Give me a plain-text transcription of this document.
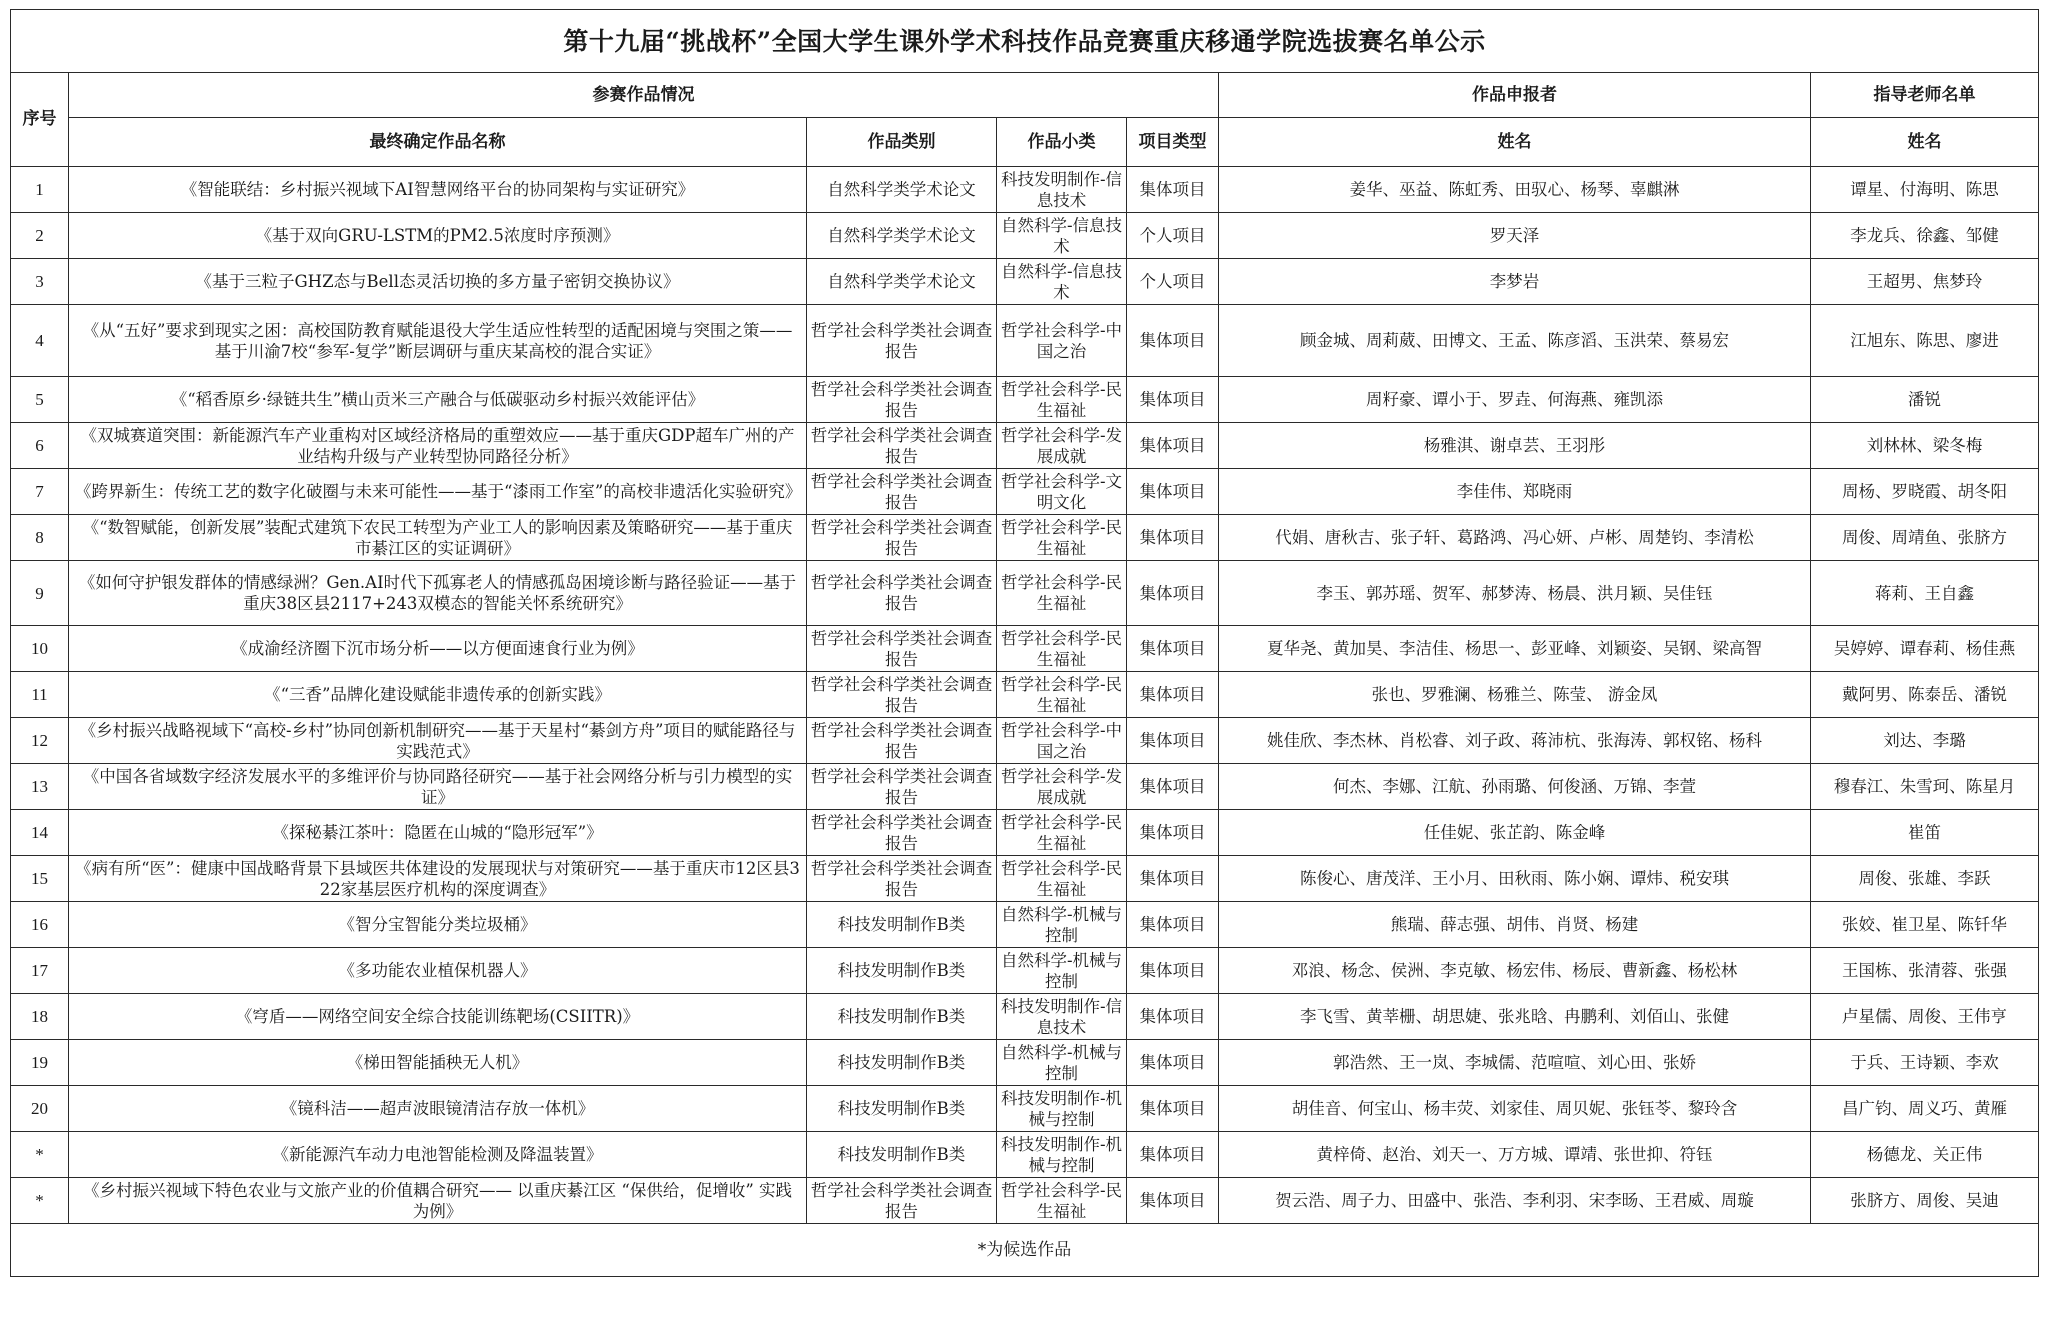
第十九届“挑战杯”全国大学生课外学术科技作品竞赛重庆移通学院选拔赛名单公示						
序号	参赛作品情况				作品申报者	指导老师名单
	最终确定作品名称	作品类别	作品小类	项目类型	姓名	姓名
1	《智能联结：乡村振兴视域下AI智慧网络平台的协同架构与实证研究》	自然科学类学术论文	科技发明制作-信息技术	集体项目	姜华、巫益、陈虹秀、田驭心、杨琴、辜麒淋	谭星、付海明、陈思
2	《基于双向GRU-LSTM的PM2.5浓度时序预测》	自然科学类学术论文	自然科学-信息技术	个人项目	罗天泽	李龙兵、徐鑫、邹健
3	《基于三粒子GHZ态与Bell态灵活切换的多方量子密钥交换协议》	自然科学类学术论文	自然科学-信息技术	个人项目	李梦岩	王超男、焦梦玲
4	《从“五好”要求到现实之困：高校国防教育赋能退役大学生适应性转型的适配困境与突围之策——基于川渝7校“参军-复学”断层调研与重庆某高校的混合实证》	哲学社会科学类社会调查报告	哲学社会科学-中国之治	集体项目	顾金城、周莉葳、田博文、王孟、陈彦滔、玉洪荣、蔡易宏	江旭东、陈思、廖进
5	《“稻香原乡·绿链共生”横山贡米三产融合与低碳驱动乡村振兴效能评估》	哲学社会科学类社会调查报告	哲学社会科学-民生福祉	集体项目	周籽豪、谭小于、罗垚、何海燕、雍凯添	潘锐
6	《双城赛道突围：新能源汽车产业重构对区域经济格局的重塑效应——基于重庆GDP超车广州的产业结构升级与产业转型协同路径分析》	哲学社会科学类社会调查报告	哲学社会科学-发展成就	集体项目	杨雅淇、谢卓芸、王羽彤	刘林林、梁冬梅
7	《跨界新生：传统工艺的数字化破圈与未来可能性——基于“漆雨工作室”的高校非遗活化实验研究》	哲学社会科学类社会调查报告	哲学社会科学-文明文化	集体项目	李佳伟、郑晓雨	周杨、罗晓霞、胡冬阳
8	《“数智赋能，创新发展”装配式建筑下农民工转型为产业工人的影响因素及策略研究——基于重庆市綦江区的实证调研》	哲学社会科学类社会调查报告	哲学社会科学-民生福祉	集体项目	代娟、唐秋吉、张子轩、葛路鸿、冯心妍、卢彬、周楚钧、李清松	周俊、周靖鱼、张脐方
9	《如何守护银发群体的情感绿洲？Gen.AI时代下孤寡老人的情感孤岛困境诊断与路径验证——基于重庆38区县2117+243双模态的智能关怀系统研究》	哲学社会科学类社会调查报告	哲学社会科学-民生福祉	集体项目	李玉、郭苏瑶、贺军、郝梦涛、杨晨、洪月颖、吴佳钰	蒋莉、王自鑫
10	《成渝经济圈下沉市场分析——以方便面速食行业为例》	哲学社会科学类社会调查报告	哲学社会科学-民生福祉	集体项目	夏华尧、黄加昊、李洁佳、杨思一、彭亚峰、刘颖姿、吴钢、梁高智	吴婷婷、谭春莉、杨佳燕
11	《“三香”品牌化建设赋能非遗传承的创新实践》	哲学社会科学类社会调查报告	哲学社会科学-民生福祉	集体项目	张也、罗雅澜、杨雅兰、陈莹、 游金凤	戴阿男、陈泰岳、潘锐
12	《乡村振兴战略视域下“高校-乡村”协同创新机制研究——基于天星村“綦剑方舟”项目的赋能路径与实践范式》	哲学社会科学类社会调查报告	哲学社会科学-中国之治	集体项目	姚佳欣、李杰林、肖松睿、刘子政、蒋沛杭、张海涛、郭权铭、杨科	刘达、李璐
13	《中国各省域数字经济发展水平的多维评价与协同路径研究——基于社会网络分析与引力模型的实证》	哲学社会科学类社会调查报告	哲学社会科学-发展成就	集体项目	何杰、李娜、江航、孙雨璐、何俊涵、万锦、李萱	穆春江、朱雪珂、陈星月
14	《探秘綦江茶叶：隐匿在山城的“隐形冠军”》	哲学社会科学类社会调查报告	哲学社会科学-民生福祉	集体项目	任佳妮、张芷韵、陈金峰	崔笛
15	《病有所“医”：健康中国战略背景下县域医共体建设的发展现状与对策研究——基于重庆市12区县322家基层医疗机构的深度调查》	哲学社会科学类社会调查报告	哲学社会科学-民生福祉	集体项目	陈俊心、唐茂洋、王小月、田秋雨、陈小娴、谭炜、税安琪	周俊、张雄、李跃
16	《智分宝智能分类垃圾桶》	科技发明制作B类	自然科学-机械与控制	集体项目	熊瑞、薛志强、胡伟、肖贤、杨建	张姣、崔卫星、陈钎华
17	《多功能农业植保机器人》	科技发明制作B类	自然科学-机械与控制	集体项目	邓浪、杨念、侯洲、李克敏、杨宏伟、杨辰、曹新鑫、杨松林	王国栋、张清蓉、张强
18	《穹盾——网络空间安全综合技能训练靶场(CSIITR)》	科技发明制作B类	科技发明制作-信息技术	集体项目	李飞雪、黄莘栅、胡思婕、张兆晗、冉鹏利、刘佰山、张健	卢星儒、周俊、王伟亨
19	《梯田智能插秧无人机》	科技发明制作B类	自然科学-机械与控制	集体项目	郭浩然、王一岚、李城儒、范喧喧、刘心田、张娇	于兵、王诗颖、李欢
20	《镜科洁——超声波眼镜清洁存放一体机》	科技发明制作B类	科技发明制作-机械与控制	集体项目	胡佳音、何宝山、杨丰荧、刘家佳、周贝妮、张钰苓、黎玲含	昌广钧、周义巧、黄雁
*	《新能源汽车动力电池智能检测及降温装置》	科技发明制作B类	科技发明制作-机械与控制	集体项目	黄梓倚、赵治、刘天一、万方城、谭靖、张世抑、符钰	杨德龙、关正伟
*	《乡村振兴视域下特色农业与文旅产业的价值耦合研究—— 以重庆綦江区 “保供给，促增收” 实践为例》	哲学社会科学类社会调查报告	哲学社会科学-民生福祉	集体项目	贺云浩、周子力、田盛中、张浩、李利羽、宋李旸、王君威、周璇	张脐方、周俊、吴迪
*为候选作品						
